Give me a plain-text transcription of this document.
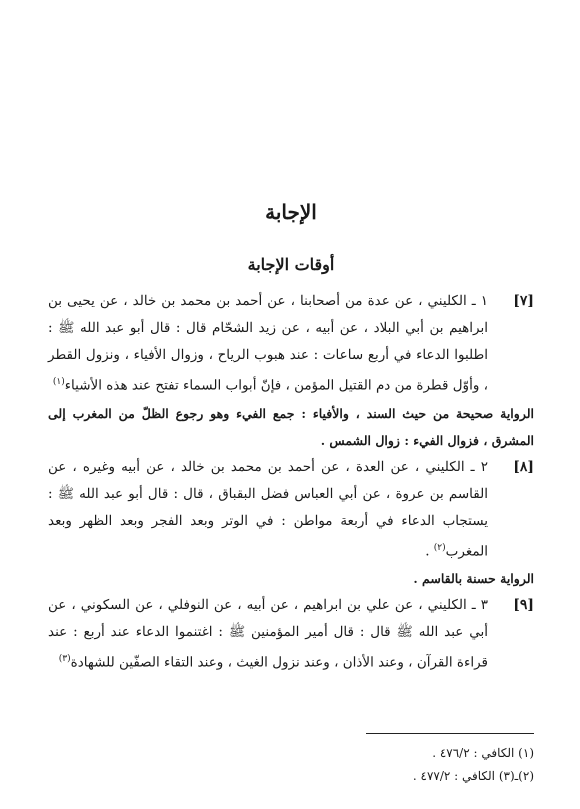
الإجابة
أوقات الإجابة
[٧]
١ ـ الكليني ، عن عدة من أصحابنا ، عن أحمد بن محمد بن خالد ، عن يحيى بن ابراهيم بن أبي البلاد ، عن أبيه ، عن زيد الشحّام قال : قال أبو عبد الله ﷺ : اطلبوا الدعاء في أربع ساعات : عند هبوب الرياح ، وزوال الأفياء ، ونزول القطر ، وأوّل قطرة من دم القتيل المؤمن ، فإنّ أبواب السماء تفتح عند هذه الأشياء$^{(١)}$
الرواية صحيحة من حيث السند ، والأفياء : جمع الفيء وهو رجوع الظلّ من المغرب إلى المشرق ، فزوال الفيء : زوال الشمس .
[٨]
٢ ـ الكليني ، عن العدة ، عن أحمد بن محمد بن خالد ، عن أبيه وغيره ، عن القاسم بن عروة ، عن أبي العباس فضل البقباق ، قال : قال أبو عبد الله ﷺ : يستجاب الدعاء في أربعة مواطن : في الوتر وبعد الفجر وبعد الظهر وبعد المغرب$^{(٢)}$ .
الرواية حسنة بالقاسم .
[٩]
٣ ـ الكليني ، عن علي بن ابراهيم ، عن أبيه ، عن النوفلي ، عن السكوني ، عن أبي عبد الله ﷺ قال : قال أمير المؤمنين ﷺ : اغتنموا الدعاء عند أربع : عند قراءة القرآن ، وعند الأذان ، وعند نزول الغيث ، وعند التقاء الصفّين للشهادة$^{(٣)}$
(١) الكافي : ٤٧٦/٢ .
(٢)ـ(٣) الكافي : ٤٧٧/٢ .
